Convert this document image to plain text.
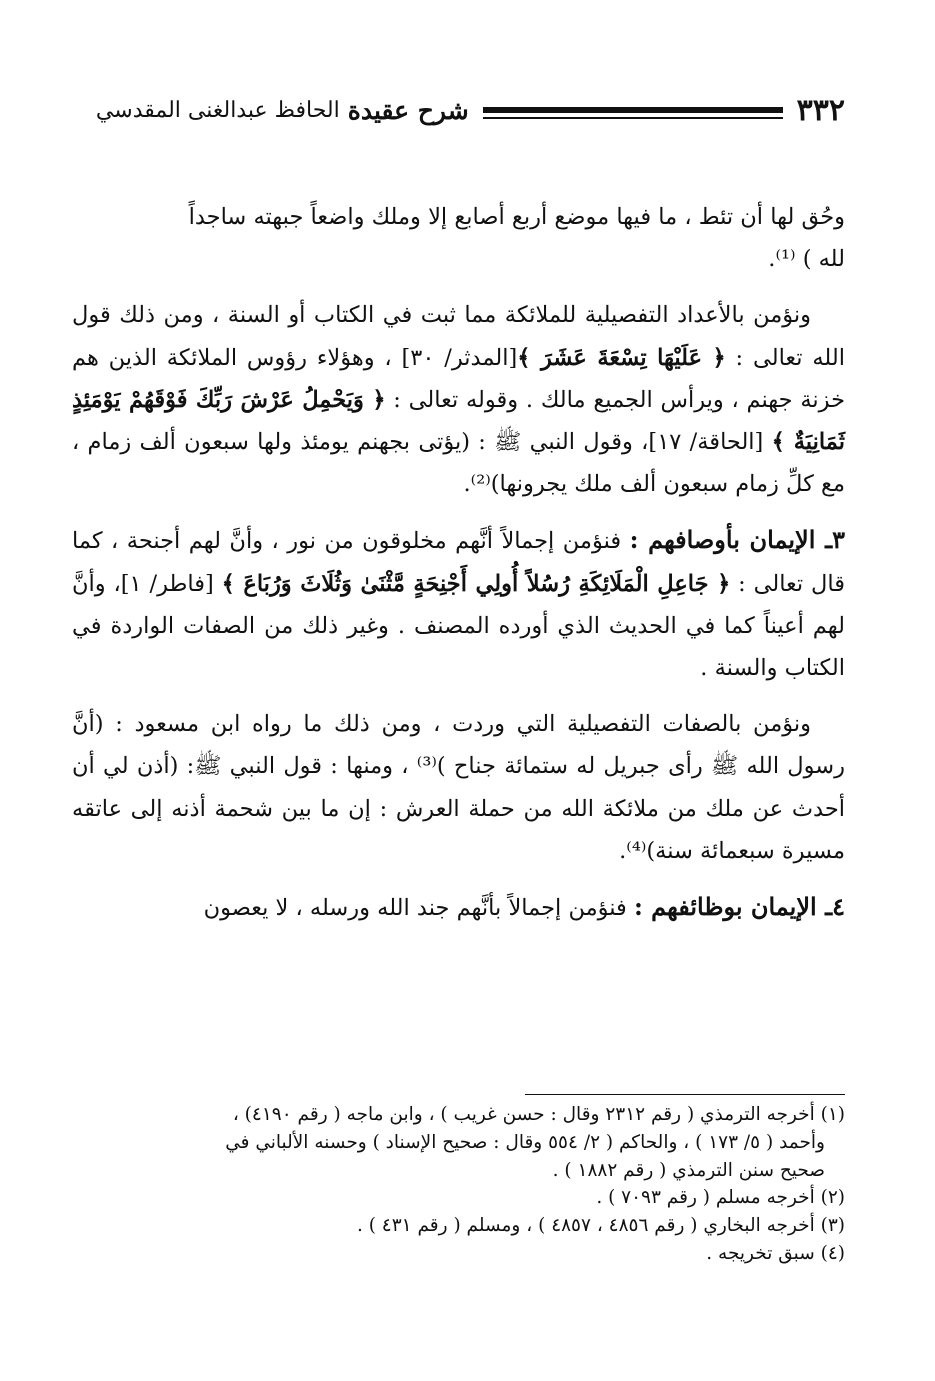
٣٣٢
شرح عقيدة
الحافظ عبدالغنى المقدسي

وحُق لها أن تئط ، ما فيها موضع أربع أصابع إلا وملك واضعاً جبهته ساجداً
لله ) ⁽¹⁾.

ونؤمن بالأعداد التفصيلية للملائكة مما ثبت في الكتاب أو السنة ، ومن ذلك قول الله تعالى : ﴿ عَلَيْهَا تِسْعَةَ عَشَرَ ﴾[المدثر/ ٣٠] ، وهؤلاء رؤوس الملائكة الذين هم خزنة جهنم ، ويرأس الجميع مالك . وقوله تعالى : ﴿ وَيَحْمِلُ عَرْشَ رَبِّكَ فَوْقَهُمْ يَوْمَئِذٍ ثَمَانِيَةٌ ﴾ [الحاقة/ ١٧]، وقول النبي ﷺ : (يؤتى بجهنم يومئذ ولها سبعون ألف زمام ، مع كلِّ زمام سبعون ألف ملك يجرونها)⁽²⁾.

٣ـ الإيمان بأوصافهم : فنؤمن إجمالاً أنَّهم مخلوقون من نور ، وأنَّ لهم أجنحة ، كما قال تعالى : ﴿ جَاعِلِ الْمَلَائِكَةِ رُسُلاً أُولِي أَجْنِحَةٍ مَّثْنَىٰ وَثُلَاثَ وَرُبَاعَ ﴾ [فاطر/ ١]، وأنَّ لهم أعيناً كما في الحديث الذي أورده المصنف . وغير ذلك من الصفات الواردة في الكتاب والسنة .

ونؤمن بالصفات التفصيلية التي وردت ، ومن ذلك ما رواه ابن مسعود : (أنَّ رسول الله ﷺ رأى جبريل له ستمائة جناح )⁽³⁾ ، ومنها : قول النبي ﷺ: (أذن لي أن أحدث عن ملك من ملائكة الله من حملة العرش : إن ما بين شحمة أذنه إلى عاتقه مسيرة سبعمائة سنة)⁽⁴⁾.

٤ـ الإيمان بوظائفهم : فنؤمن إجمالاً بأنَّهم جند الله ورسله ، لا يعصون

(١) أخرجه الترمذي ( رقم ٢٣١٢ وقال : حسن غريب ) ، وابن ماجه ( رقم ٤١٩٠) ،

وأحمد ( ٥/ ١٧٣ ) ، والحاكم ( ٢/ ٥٥٤ وقال : صحيح الإسناد ) وحسنه الألباني في

صحيح سنن الترمذي ( رقم ١٨٨٢ ) .

(٢) أخرجه مسلم ( رقم ٧٠٩٣ ) .

(٣) أخرجه البخاري ( رقم ٤٨٥٦ ، ٤٨٥٧ ) ، ومسلم ( رقم ٤٣١ ) .

(٤) سبق تخريجه .
